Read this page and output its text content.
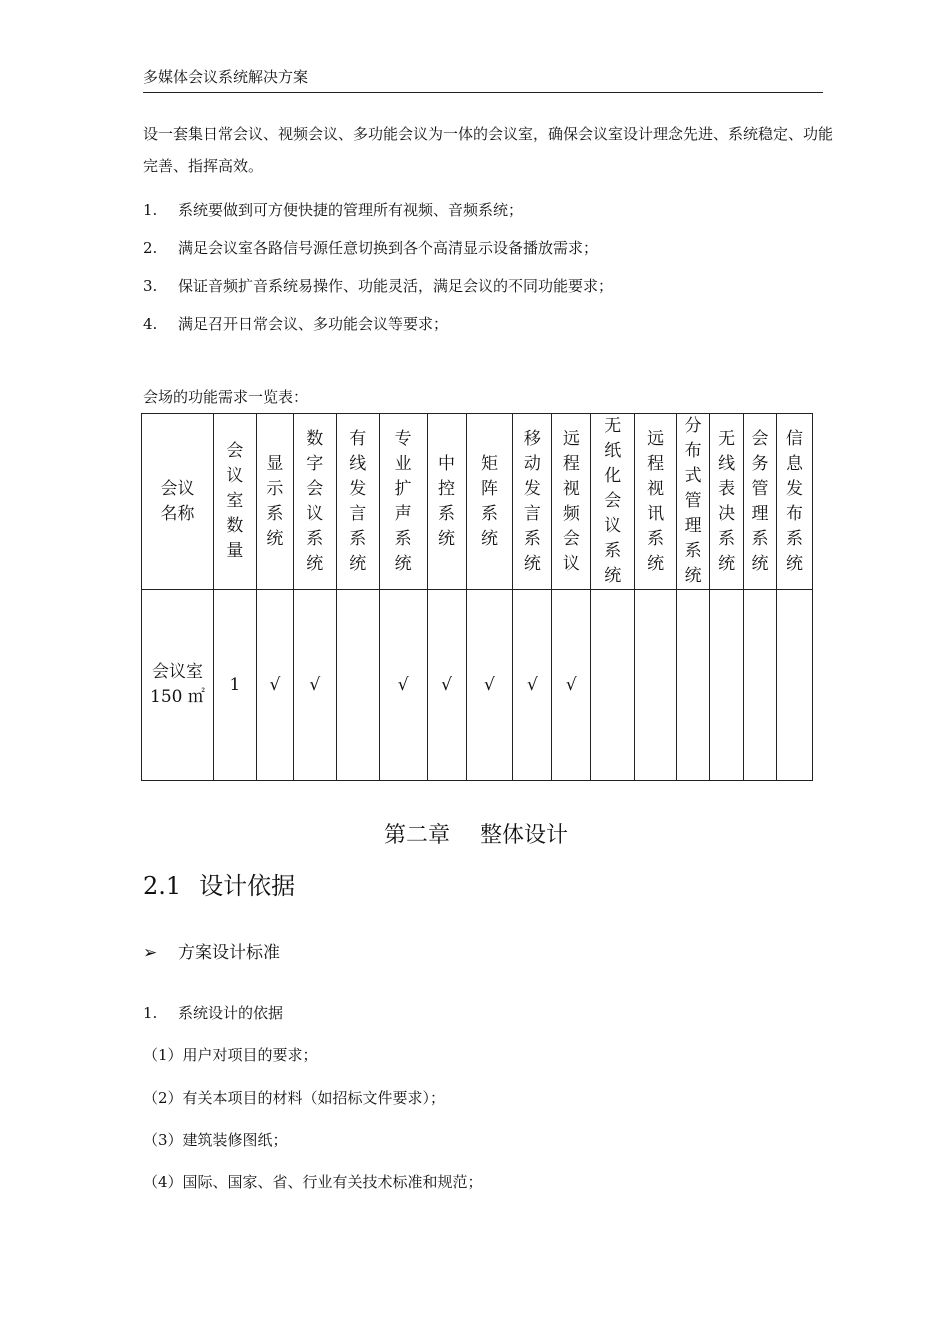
多媒体会议系统解决方案
设一套集日常会议、视频会议、多功能会议为一体的会议室，确保会议室设计理念先进、系统稳定、功能完善、指挥高效。
1. 系统要做到可方便快捷的管理所有视频、音频系统；
2. 满足会议室各路信号源任意切换到各个高清显示设备播放需求；
3. 保证音频扩音系统易操作、功能灵活，满足会议的不同功能要求；
4. 满足召开日常会议、多功能会议等要求；
会场的功能需求一览表：
会议名称	会议室数量	显示系统	数字会议系统	有线发言系统	专业扩声系统	中控系统	矩阵系统	移动发言系统	远程视频会议	无纸化会议系统	远程视讯系统	分布式管理系统	无线表决系统	会务管理系统	信息发布系统
会议室 150 ㎡	1	√	√		√	√	√	√	√						
第二章 整体设计
2.1 设计依据
➢ 方案设计标准
1. 系统设计的依据
（1）用户对项目的要求；
（2）有关本项目的材料（如招标文件要求）；
（3）建筑装修图纸；
（4）国际、国家、省、行业有关技术标准和规范；
